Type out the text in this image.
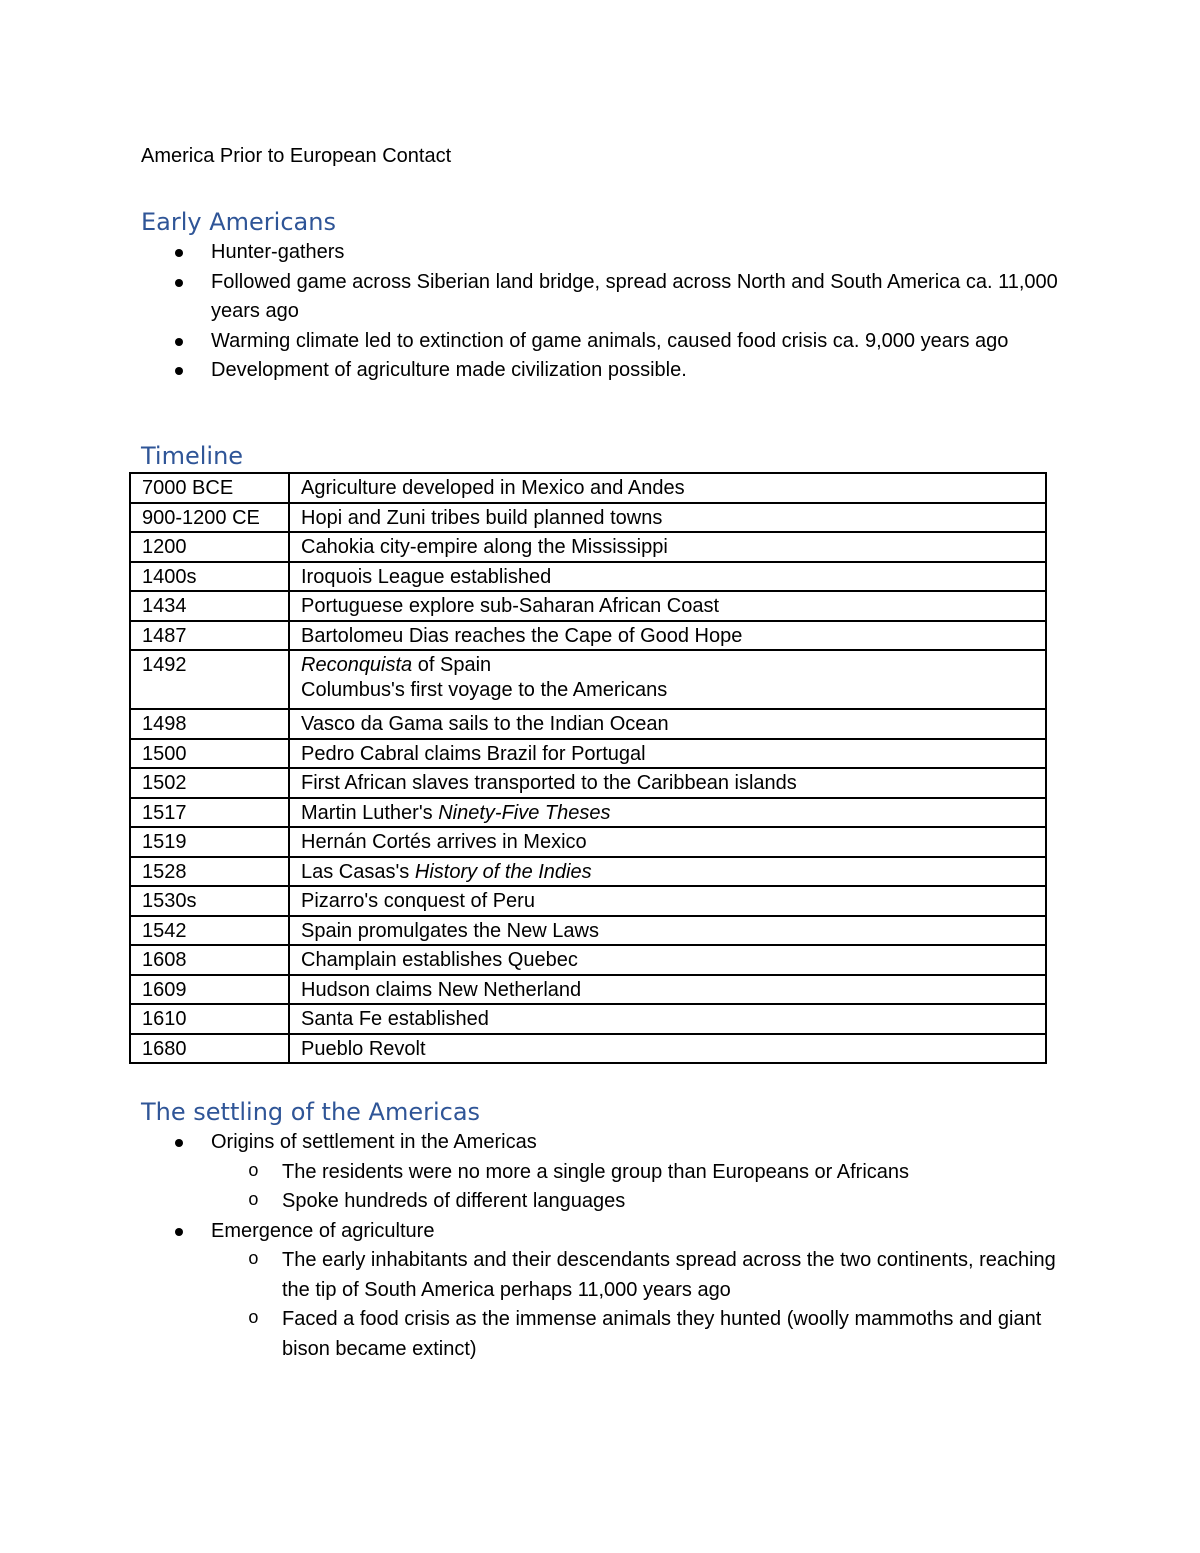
America Prior to European Contact

Early Americans
Hunter-gathers
Followed game across Siberian land bridge, spread across North and South America ca. 11,000 years ago
Warming climate led to extinction of game animals, caused food crisis ca. 9,000 years ago
Development of agriculture made civilization possible.
Timeline
7000 BCE	Agriculture developed in Mexico and Andes
900-1200 CE	Hopi and Zuni tribes build planned towns
1200	Cahokia city-empire along the Mississippi
1400s	Iroquois League established
1434	Portuguese explore sub-Saharan African Coast
1487	Bartolomeu Dias reaches the Cape of Good Hope
1492	Reconquista of Spain
Columbus's first voyage to the Americans
1498	Vasco da Gama sails to the Indian Ocean
1500	Pedro Cabral claims Brazil for Portugal
1502	First African slaves transported to the Caribbean islands
1517	Martin Luther's Ninety-Five Theses
1519	Hernán Cortés arrives in Mexico
1528	Las Casas's History of the Indies
1530s	Pizarro's conquest of Peru
1542	Spain promulgates the New Laws
1608	Champlain establishes Quebec
1609	Hudson claims New Netherland
1610	Santa Fe established
1680	Pueblo Revolt
The settling of the Americas
Origins of settlement in the Americas
o The residents were no more a single group than Europeans or Africans
o Spoke hundreds of different languages
Emergence of agriculture
o The early inhabitants and their descendants spread across the two continents, reaching the tip of South America perhaps 11,000 years ago
o Faced a food crisis as the immense animals they hunted (woolly mammoths and giant bison became extinct)
